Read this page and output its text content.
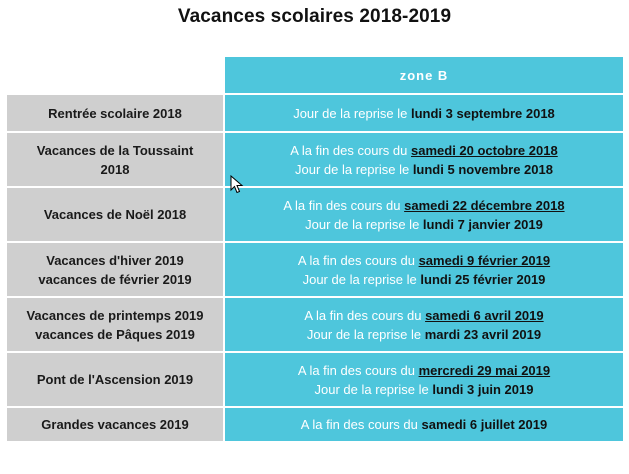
Vacances scolaires 2018-2019
	zone B

Rentrée scolaire 2018	Jour de la reprise le lundi 3 septembre 2018

Vacances de la Toussaint
2018	A la fin des cours du samedi 20 octobre 2018
Jour de la reprise le lundi 5 novembre 2018

Vacances de Noël 2018	A la fin des cours du samedi 22 décembre 2018
Jour de la reprise le lundi 7 janvier 2019

Vacances d'hiver 2019
vacances de février 2019	A la fin des cours du samedi 9 février 2019
Jour de la reprise le lundi 25 février 2019

Vacances de printemps 2019
vacances de Pâques 2019	A la fin des cours du samedi 6 avril 2019
Jour de la reprise le mardi 23 avril 2019

Pont de l'Ascension 2019	A la fin des cours du mercredi 29 mai 2019
Jour de la reprise le lundi 3 juin 2019

Grandes vacances 2019	A la fin des cours du samedi 6 juillet 2019
